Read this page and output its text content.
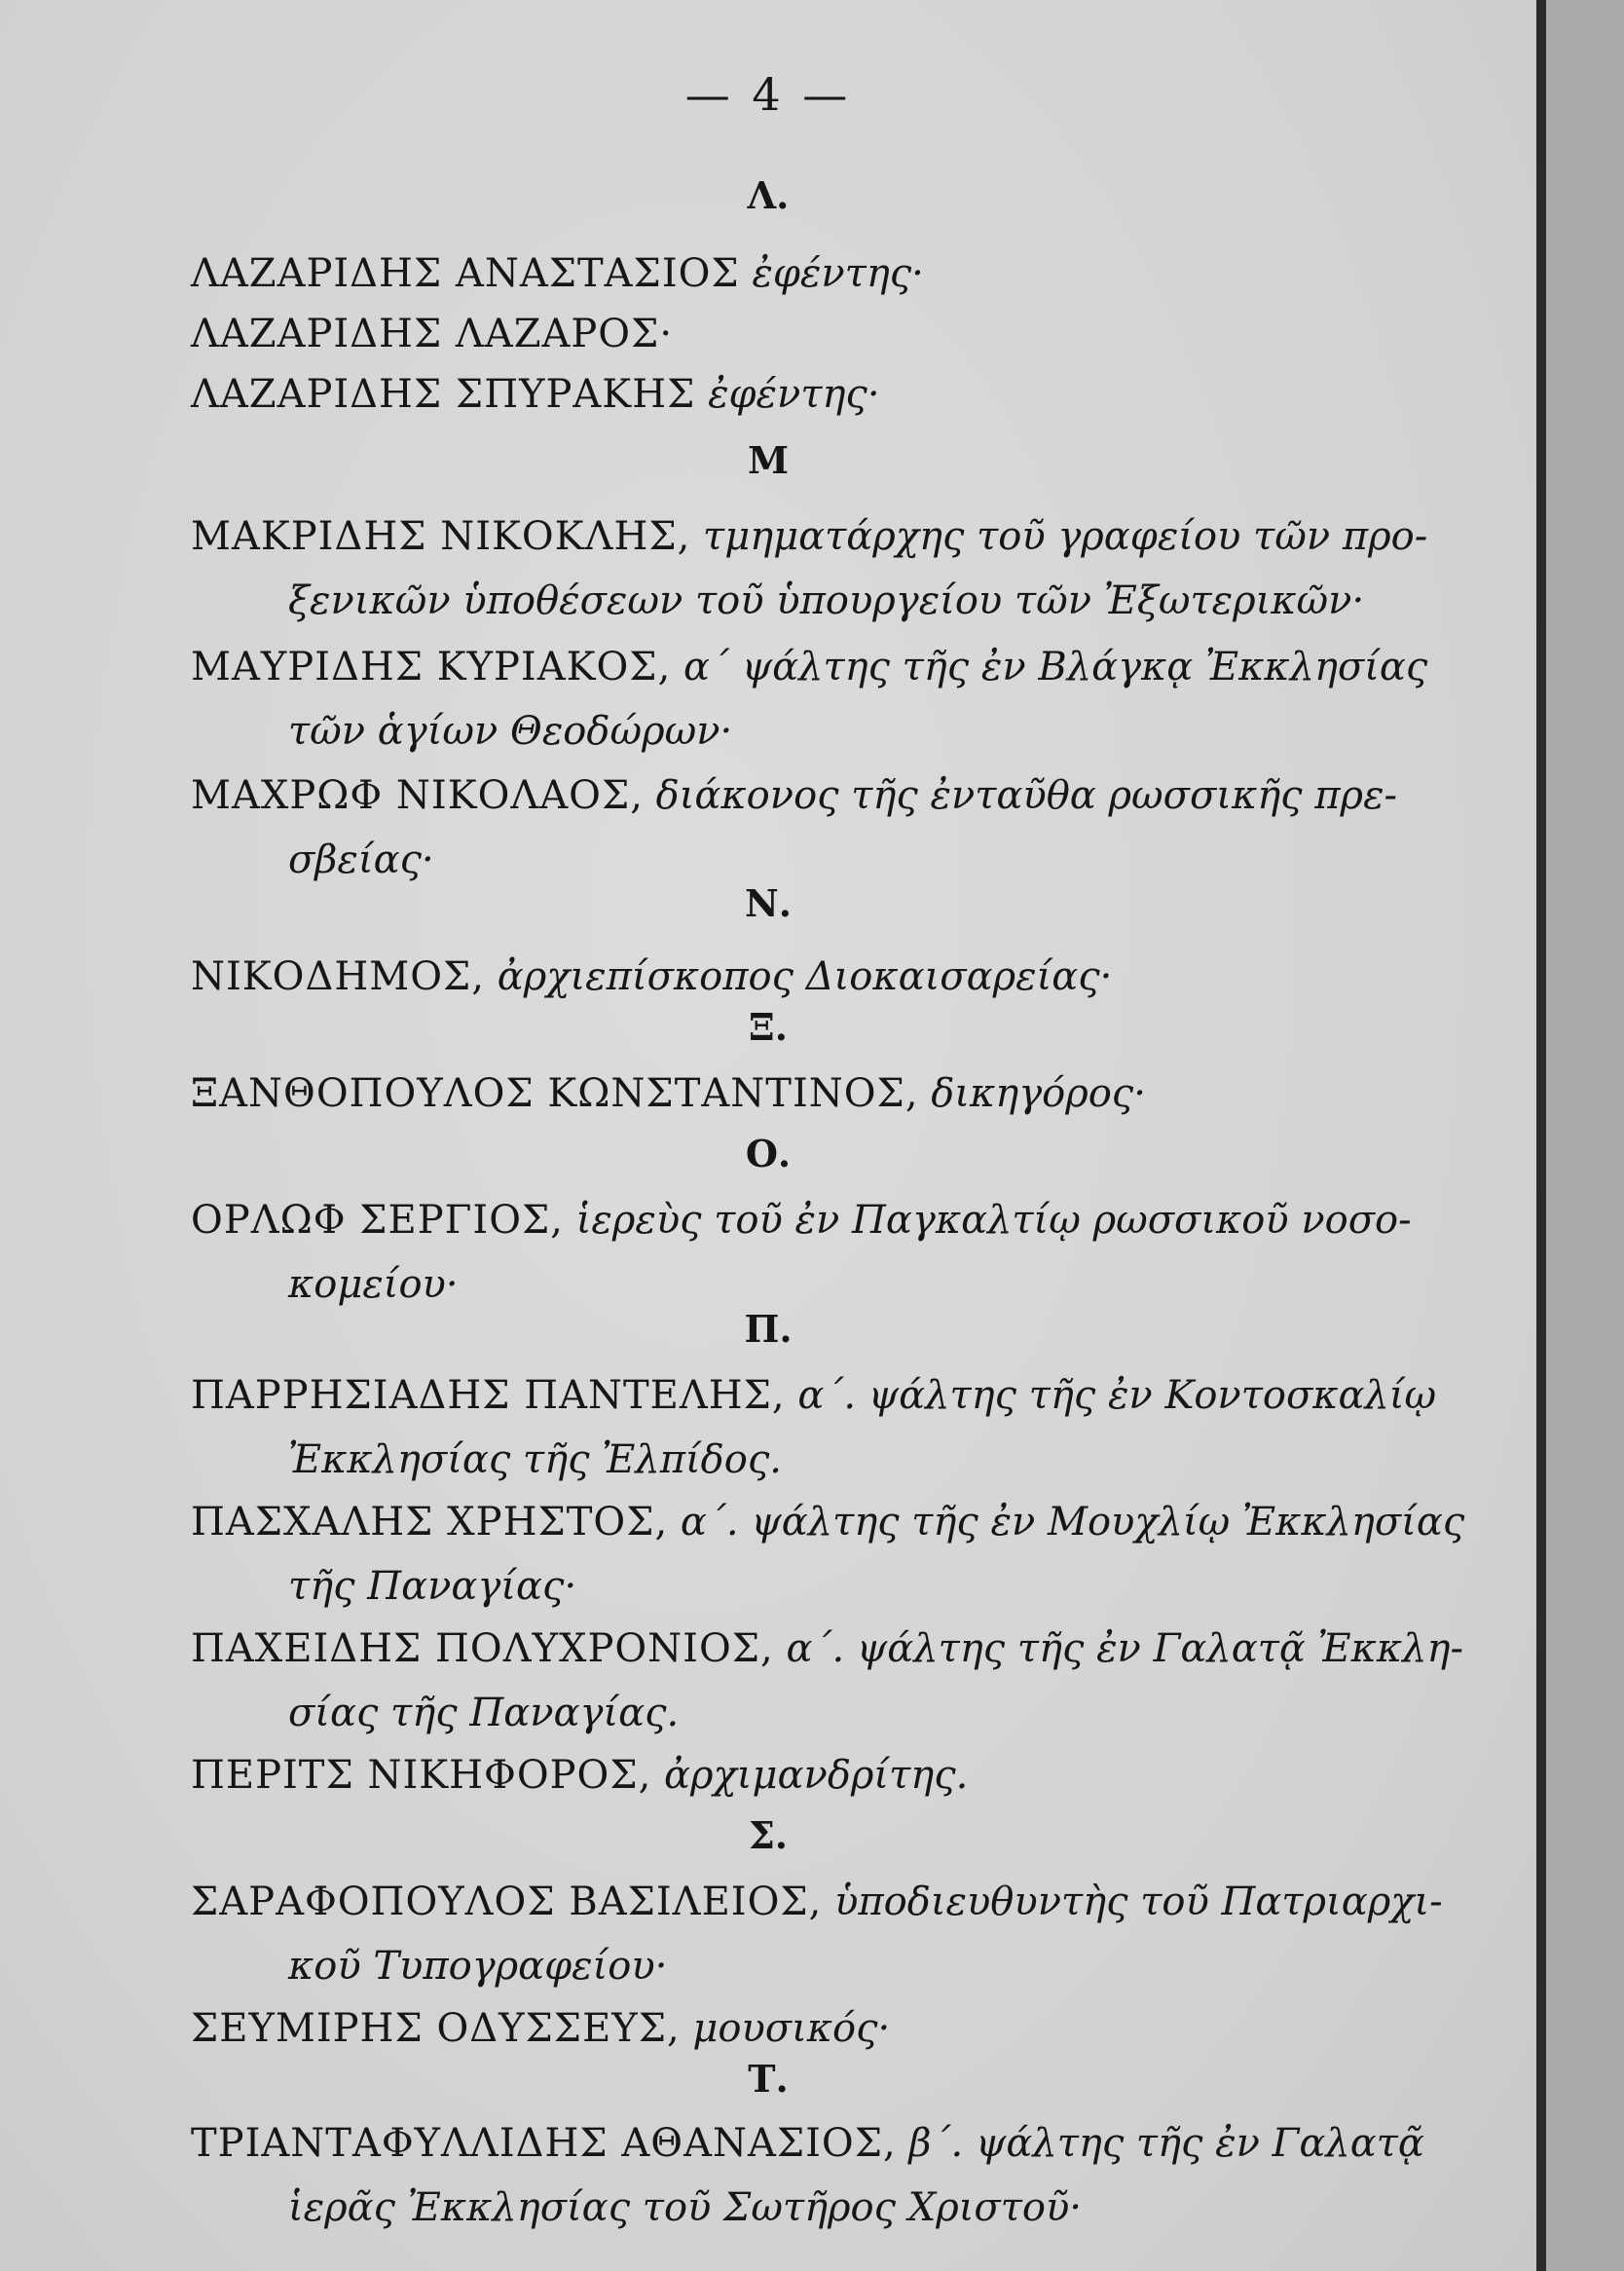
— 4 —
Λ.
ΛΑΖΑΡΙΔΗΣ ΑΝΑΣΤΑΣΙΟΣ ἐφέντης·
ΛΑΖΑΡΙΔΗΣ ΛΑΖΑΡΟΣ·
ΛΑΖΑΡΙΔΗΣ ΣΠΥΡΑΚΗΣ ἐφέντης·
Μ
ΜΑΚΡΙΔΗΣ ΝΙΚΟΚΛΗΣ, τμηματάρχης τοῦ γραφείου τῶν προ-
ξενικῶν ὑποθέσεων τοῦ ὑπουργείου τῶν Ἐξωτερικῶν·
ΜΑΥΡΙΔΗΣ ΚΥΡΙΑΚΟΣ, α΄ ψάλτης τῆς ἐν Βλάγκᾳ Ἐκκλησίας
τῶν ἁγίων Θεοδώρων·
ΜΑΧΡΩΦ ΝΙΚΟΛΑΟΣ, διάκονος τῆς ἐνταῦθα ρωσσικῆς πρε-
σβείας·
Ν.
ΝΙΚΟΔΗΜΟΣ, ἀρχιεπίσκοπος Διοκαισαρείας·
Ξ.
ΞΑΝΘΟΠΟΥΛΟΣ ΚΩΝΣΤΑΝΤΙΝΟΣ, δικηγόρος·
Ο.
ΟΡΛΩΦ ΣΕΡΓΙΟΣ, ἱερεὺς τοῦ ἐν Παγκαλτίῳ ρωσσικοῦ νοσο-
κομείου·
Π.
ΠΑΡΡΗΣΙΑΔΗΣ ΠΑΝΤΕΛΗΣ, α΄. ψάλτης τῆς ἐν Κοντοσκαλίῳ
Ἐκκλησίας τῆς Ἐλπίδος.
ΠΑΣΧΑΛΗΣ ΧΡΗΣΤΟΣ, α΄. ψάλτης τῆς ἐν Μουχλίῳ Ἐκκλησίας
τῆς Παναγίας·
ΠΑΧΕΙΔΗΣ ΠΟΛΥΧΡΟΝΙΟΣ, α΄. ψάλτης τῆς ἐν Γαλατᾷ Ἐκκλη-
σίας τῆς Παναγίας.
ΠΕΡΙΤΣ ΝΙΚΗΦΟΡΟΣ, ἀρχιμανδρίτης.
Σ.
ΣΑΡΑΦΟΠΟΥΛΟΣ ΒΑΣΙΛΕΙΟΣ, ὑποδιευθυντὴς τοῦ Πατριαρχι-
κοῦ Τυπογραφείου·
ΣΕΥΜΙΡΗΣ ΟΔΥΣΣΕΥΣ, μουσικός·
Τ.
ΤΡΙΑΝΤΑΦΥΛΛΙΔΗΣ ΑΘΑΝΑΣΙΟΣ, β΄. ψάλτης τῆς ἐν Γαλατᾷ
ἱερᾶς Ἐκκλησίας τοῦ Σωτῆρος Χριστοῦ·
